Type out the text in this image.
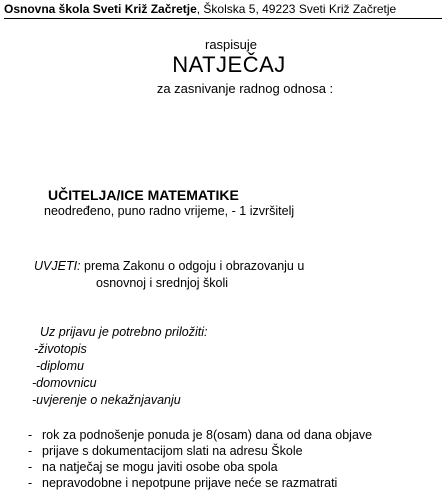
Osnovna škola Sveti Križ Začretje, Školska 5, 49223 Sveti Križ Začretje
raspisuje
NATJEČAJ
za zasnivanje radnog odnosa :
UČITELJA/ICE MATEMATIKE
neodređeno, puno radno vrijeme, - 1 izvršitelj
UVJETI: prema Zakonu o odgoju i obrazovanju u
osnovnoj i srednjoj školi
Uz prijavu je potrebno priložiti:
-životopis
-diplomu
-domovnicu
-uvjerenje o nekažnjavanju
- rok za podnošenje ponuda je 8(osam) dana od dana objave
- prijave s dokumentacijom slati na adresu Škole
- na natječaj se mogu javiti osobe oba spola
- nepravodobne i nepotpune prijave neće se razmatrati
